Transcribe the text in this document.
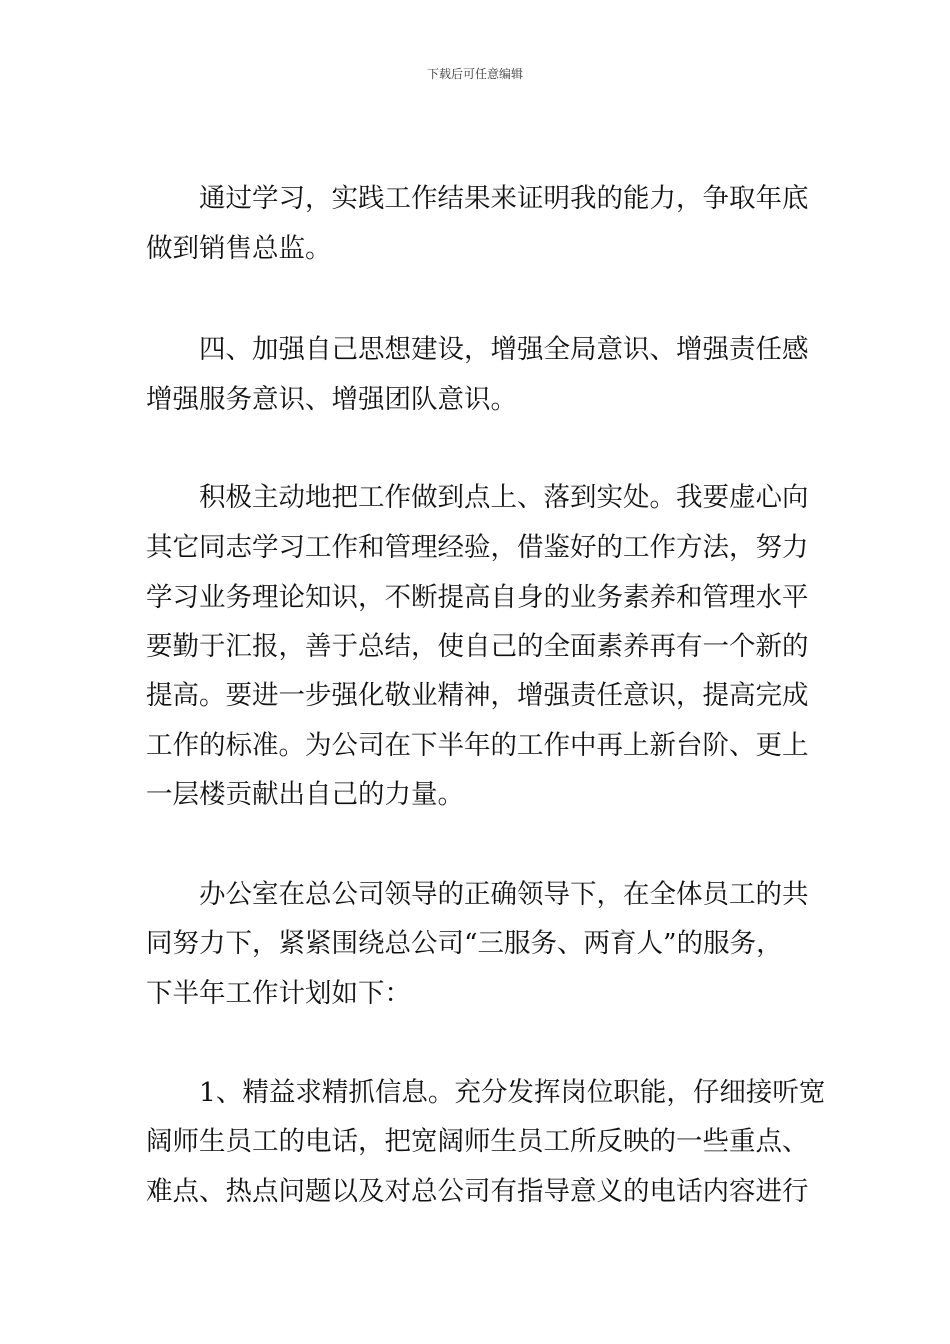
下载后可任意编辑
通过学习，实践工作结果来证明我的能力，争取年底
做到销售总监。
四、加强自己思想建设，增强全局意识、增强责任感
增强服务意识、增强团队意识。
积极主动地把工作做到点上、落到实处。我要虚心向
其它同志学习工作和管理经验，借鉴好的工作方法，努力
学习业务理论知识，不断提高自身的业务素养和管理水平
要勤于汇报，善于总结，使自己的全面素养再有一个新的
提高。要进一步强化敬业精神，增强责任意识，提高完成
工作的标准。为公司在下半年的工作中再上新台阶、更上
一层楼贡献出自己的力量。
办公室在总公司领导的正确领导下，在全体员工的共
同努力下，紧紧围绕总公司“三服务、两育人”的服务，
下半年工作计划如下：
1、精益求精抓信息。充分发挥岗位职能，仔细接听宽
阔师生员工的电话，把宽阔师生员工所反映的一些重点、
难点、热点问题以及对总公司有指导意义的电话内容进行
